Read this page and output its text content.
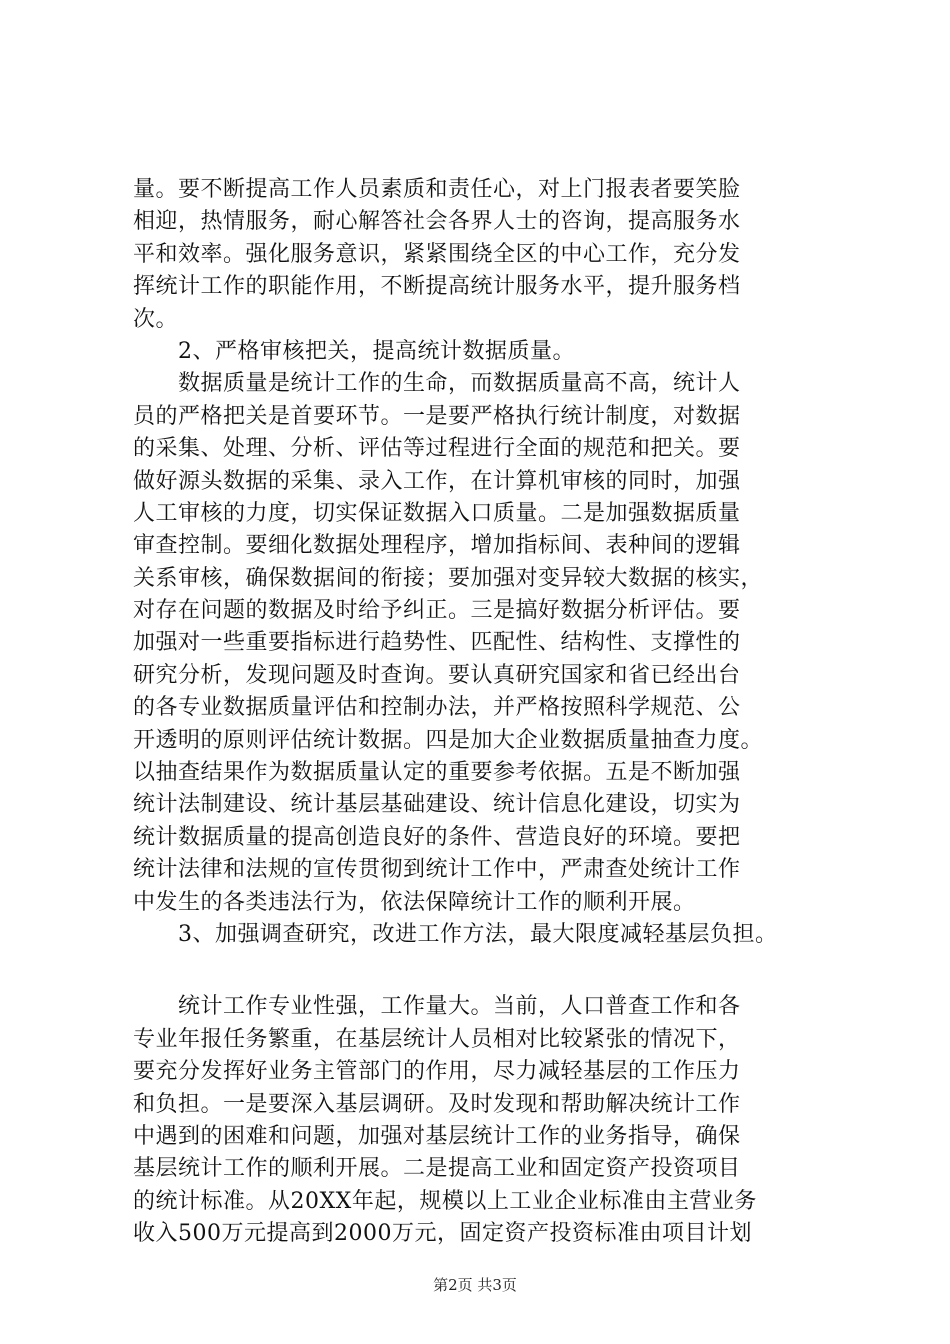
量。要不断提高工作人员素质和责任心，对上门报表者要笑脸
相迎，热情服务，耐心解答社会各界人士的咨询，提高服务水
平和效率。强化服务意识，紧紧围绕全区的中心工作，充分发
挥统计工作的职能作用，不断提高统计服务水平，提升服务档
次。
　　2、严格审核把关，提高统计数据质量。
　　数据质量是统计工作的生命，而数据质量高不高，统计人
员的严格把关是首要环节。一是要严格执行统计制度，对数据
的采集、处理、分析、评估等过程进行全面的规范和把关。要
做好源头数据的采集、录入工作，在计算机审核的同时，加强
人工审核的力度，切实保证数据入口质量。二是加强数据质量
审查控制。要细化数据处理程序，增加指标间、表种间的逻辑
关系审核，确保数据间的衔接；要加强对变异较大数据的核实，
对存在问题的数据及时给予纠正。三是搞好数据分析评估。要
加强对一些重要指标进行趋势性、匹配性、结构性、支撑性的
研究分析，发现问题及时查询。要认真研究国家和省已经出台
的各专业数据质量评估和控制办法，并严格按照科学规范、公
开透明的原则评估统计数据。四是加大企业数据质量抽查力度。
以抽查结果作为数据质量认定的重要参考依据。五是不断加强
统计法制建设、统计基层基础建设、统计信息化建设，切实为
统计数据质量的提高创造良好的条件、营造良好的环境。要把
统计法律和法规的宣传贯彻到统计工作中，严肃查处统计工作
中发生的各类违法行为，依法保障统计工作的顺利开展。
　　3、加强调查研究，改进工作方法，最大限度减轻基层负担。
　　统计工作专业性强，工作量大。当前，人口普查工作和各
专业年报任务繁重，在基层统计人员相对比较紧张的情况下，
要充分发挥好业务主管部门的作用，尽力减轻基层的工作压力
和负担。一是要深入基层调研。及时发现和帮助解决统计工作
中遇到的困难和问题，加强对基层统计工作的业务指导，确保
基层统计工作的顺利开展。二是提高工业和固定资产投资项目
的统计标准。从20XX年起，规模以上工业企业标准由主营业务
收入500万元提高到2000万元，固定资产投资标准由项目计划
第2页 共3页
